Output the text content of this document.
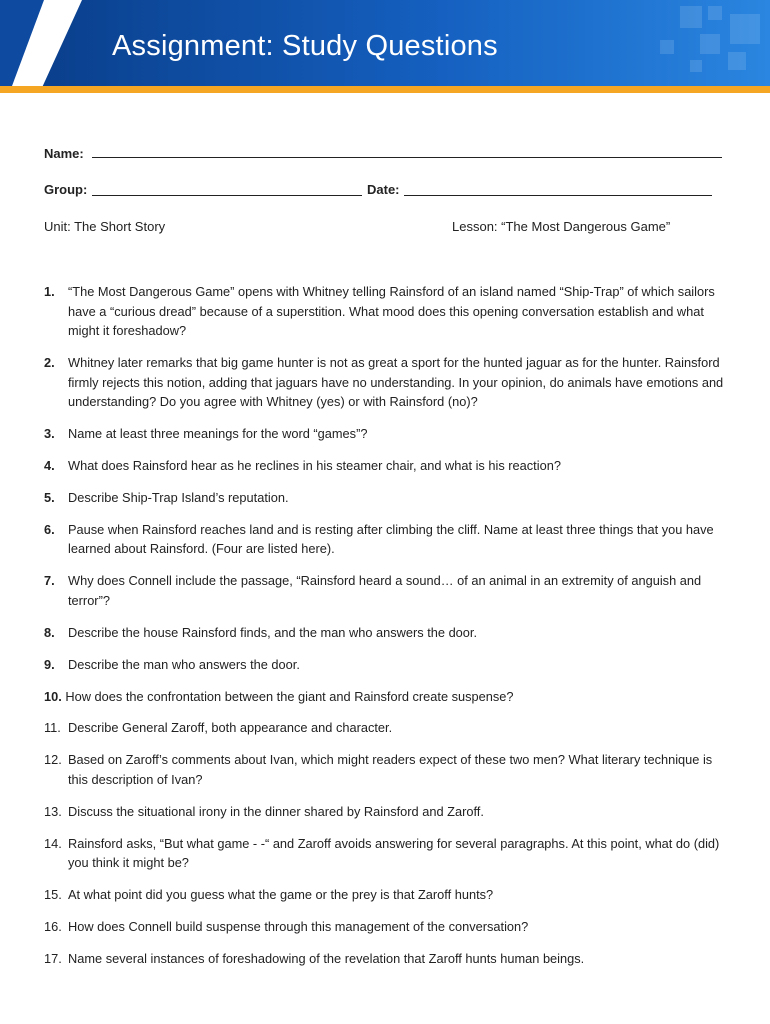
Assignment: Study Questions
Name:
Group:	Date:
Unit: The Short Story	Lesson: “The Most Dangerous Game”
1. “The Most Dangerous Game” opens with Whitney telling Rainsford of an island named “Ship-Trap” of which sailors have a “curious dread” because of a superstition. What mood does this opening conversation establish and what might it foreshadow?
2. Whitney later remarks that big game hunter is not as great a sport for the hunted jaguar as for the hunter. Rainsford firmly rejects this notion, adding that jaguars have no understanding. In your opinion, do animals have emotions and understanding? Do you agree with Whitney (yes) or with Rainsford (no)?
3. Name at least three meanings for the word “games”?
4. What does Rainsford hear as he reclines in his steamer chair, and what is his reaction?
5. Describe Ship-Trap Island’s reputation.
6. Pause when Rainsford reaches land and is resting after climbing the cliff. Name at least three things that you have learned about Rainsford. (Four are listed here).
7. Why does Connell include the passage, “Rainsford heard a sound… of an animal in an extremity of anguish and terror”?
8. Describe the house Rainsford finds, and the man who answers the door.
9. Describe the man who answers the door.
10. How does the confrontation between the giant and Rainsford create suspense?
11. Describe General Zaroff, both appearance and character.
12. Based on Zaroff’s comments about Ivan, which might readers expect of these two men? What literary technique is this description of Ivan?
13. Discuss the situational irony in the dinner shared by Rainsford and Zaroff.
14. Rainsford asks, “But what game - -“ and Zaroff avoids answering for several paragraphs. At this point, what do (did) you think it might be?
15. At what point did you guess what the game or the prey is that Zaroff hunts?
16. How does Connell build suspense through this management of the conversation?
17. Name several instances of foreshadowing of the revelation that Zaroff hunts human beings.
